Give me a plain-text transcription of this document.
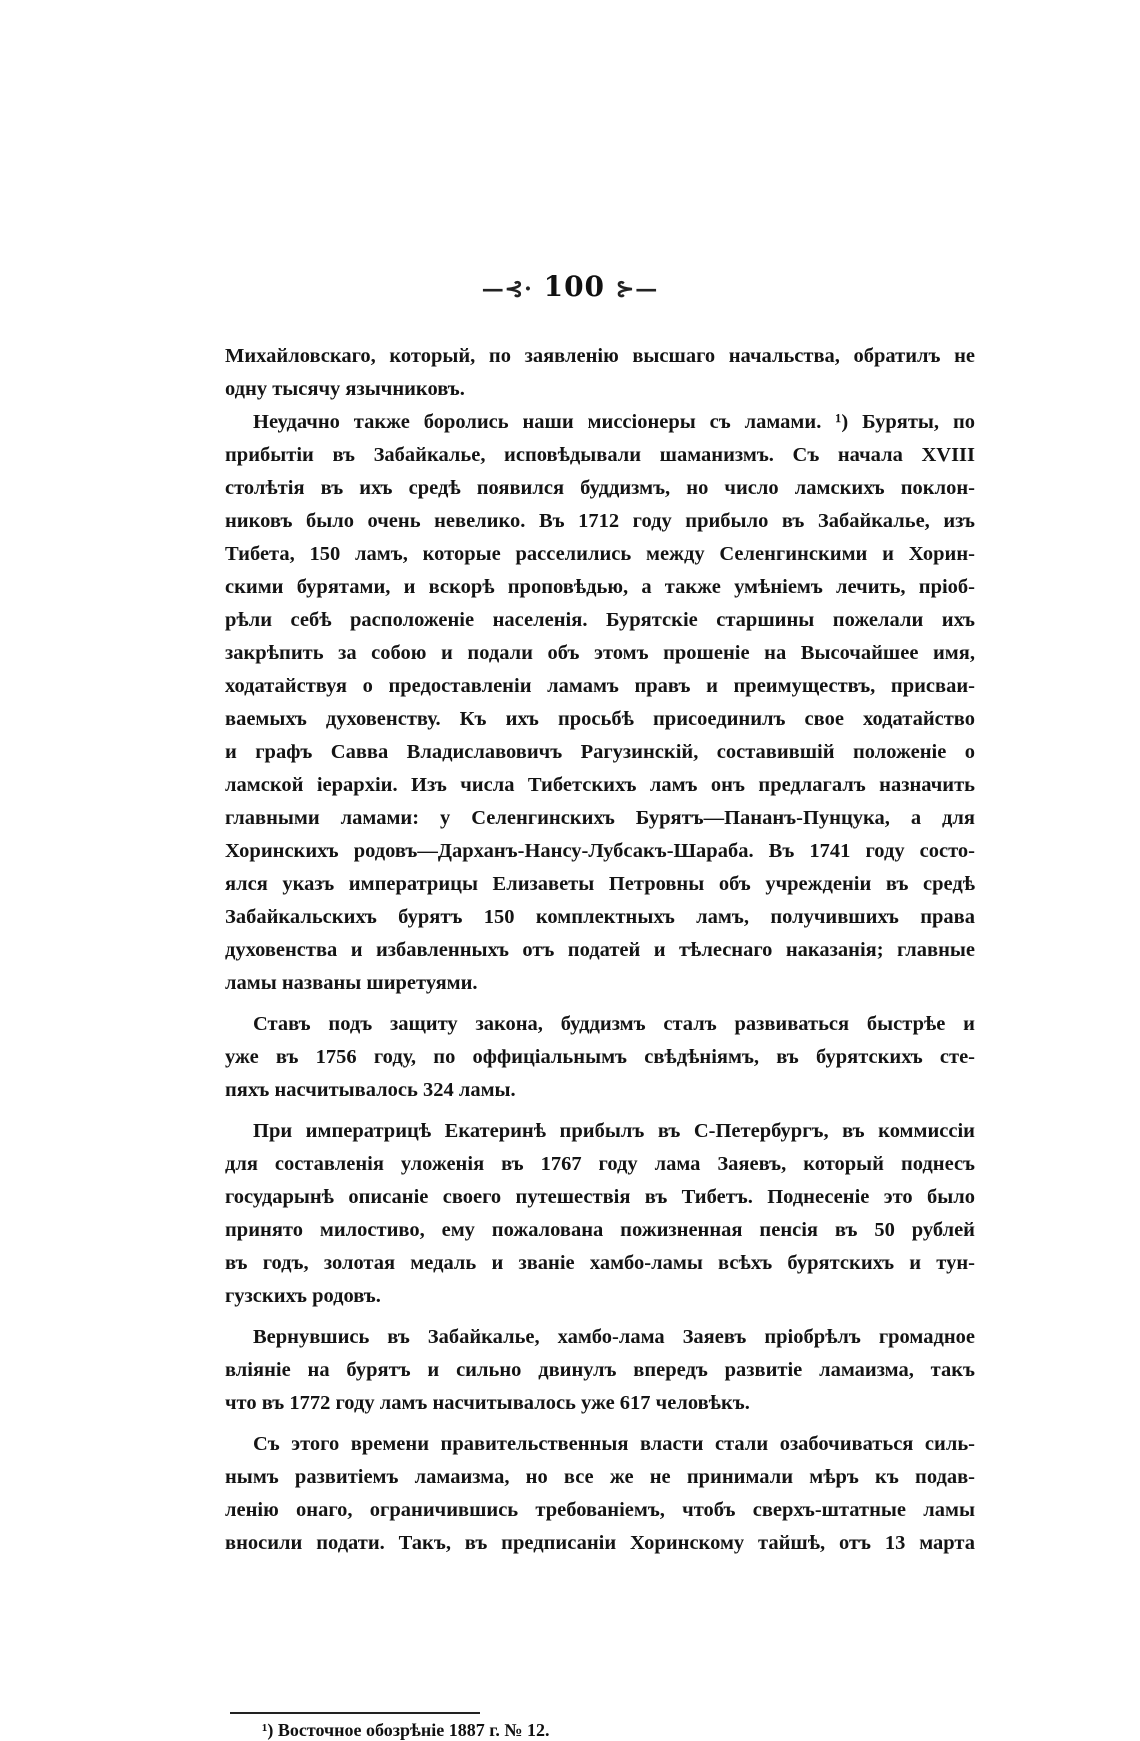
—⊰· 100 ⊱—
Михайловскаго, который, по заявленію высшаго начальства, обратилъ не
одну тысячу язычниковъ.
Неудачно также боролись наши миссіонеры съ ламами. ¹) Буряты, по
прибытіи въ Забайкалье, исповѣдывали шаманизмъ. Съ начала XVIII
столѣтія въ ихъ средѣ появился буддизмъ, но число ламскихъ поклон-
никовъ было очень невелико. Въ 1712 году прибыло въ Забайкалье, изъ
Тибета, 150 ламъ, которые расселились между Селенгинскими и Хорин-
скими бурятами, и вскорѣ проповѣдью, а также умѣніемъ лечить, пріоб-
рѣли себѣ расположеніе населенія. Бурятскіе старшины пожелали ихъ
закрѣпить за собою и подали объ этомъ прошеніе на Высочайшее имя,
ходатайствуя о предоставленіи ламамъ правъ и преимуществъ, присваи-
ваемыхъ духовенству. Къ ихъ просьбѣ присоединилъ свое ходатайство
и графъ Савва Владиславовичъ Рагузинскій, составившій положеніе о
ламской іерархіи. Изъ числа Тибетскихъ ламъ онъ предлагалъ назначить
главными ламами: у Селенгинскихъ Бурятъ—Пананъ-Пунцука, а для
Хоринскихъ родовъ—Дарханъ-Нансу-Лубсакъ-Шараба. Въ 1741 году состо-
ялся указъ императрицы Елизаветы Петровны объ учрежденіи въ средѣ
Забайкальскихъ бурятъ 150 комплектныхъ ламъ, получившихъ права
духовенства и избавленныхъ отъ податей и тѣлеснаго наказанія; главные
ламы названы ширетуями.
Ставъ подъ защиту закона, буддизмъ сталъ развиваться быстрѣе и
уже въ 1756 году, по оффиціальнымъ свѣдѣніямъ, въ бурятскихъ сте-
пяхъ насчитывалось 324 ламы.
При императрицѣ Екатеринѣ прибылъ въ С-Петербургъ, въ коммиссіи
для составленія уложенія въ 1767 году лама Заяевъ, который поднесъ
государынѣ описаніе своего путешествія въ Тибетъ. Поднесеніе это было
принято милостиво, ему пожалована пожизненная пенсія въ 50 рублей
въ годъ, золотая медаль и званіе хамбо-ламы всѣхъ бурятскихъ и тун-
гузскихъ родовъ.
Вернувшись въ Забайкалье, хамбо-лама Заяевъ пріобрѣлъ громадное
вліяніе на бурятъ и сильно двинулъ впередъ развитіе ламаизма, такъ
что въ 1772 году ламъ насчитывалось уже 617 человѣкъ.
Съ этого времени правительственныя власти стали озабочиваться силь-
нымъ развитіемъ ламаизма, но все же не принимали мѣръ къ подав-
ленію онаго, ограничившись требованіемъ, чтобъ сверхъ-штатные ламы
вносили подати. Такъ, въ предписаніи Хоринскому тайшѣ, отъ 13 марта
¹) Восточное обозрѣніе 1887 г. № 12.
